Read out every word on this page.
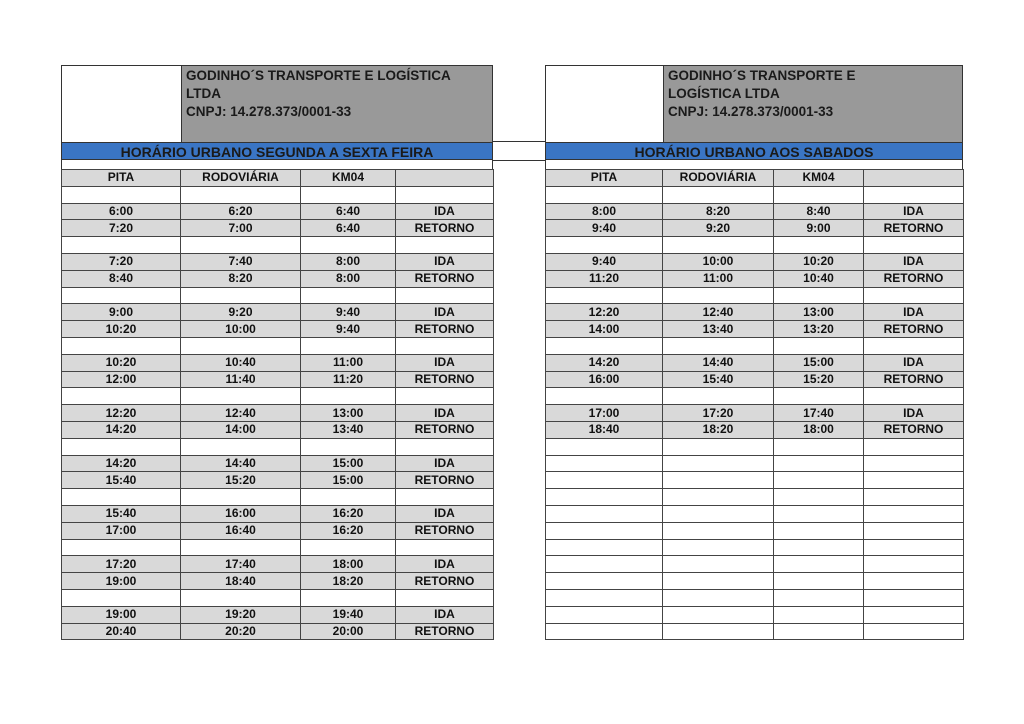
GODINHO´S TRANSPORTE E LOGÍSTICA
LTDA
CNPJ: 14.278.373/0001-33
HORÁRIO URBANO SEGUNDA A SEXTA FEIRA
PITA	RODOVIÁRIA	KM04	

6:00	6:20	6:40	IDA
7:20	7:00	6:40	RETORNO

7:20	7:40	8:00	IDA
8:40	8:20	8:00	RETORNO

9:00	9:20	9:40	IDA
10:20	10:00	9:40	RETORNO

10:20	10:40	11:00	IDA
12:00	11:40	11:20	RETORNO

12:20	12:40	13:00	IDA
14:20	14:00	13:40	RETORNO

14:20	14:40	15:00	IDA
15:40	15:20	15:00	RETORNO

15:40	16:00	16:20	IDA
17:00	16:40	16:20	RETORNO

17:20	17:40	18:00	IDA
19:00	18:40	18:20	RETORNO

19:00	19:20	19:40	IDA
20:40	20:20	20:00	RETORNO
GODINHO´S TRANSPORTE E
LOGÍSTICA LTDA
CNPJ: 14.278.373/0001-33
HORÁRIO URBANO AOS SABADOS
PITA	RODOVIÁRIA	KM04	

8:00	8:20	8:40	IDA
9:40	9:20	9:00	RETORNO

9:40	10:00	10:20	IDA
11:20	11:00	10:40	RETORNO

12:20	12:40	13:00	IDA
14:00	13:40	13:20	RETORNO

14:20	14:40	15:00	IDA
16:00	15:40	15:20	RETORNO

17:00	17:20	17:40	IDA
18:40	18:20	18:00	RETORNO
